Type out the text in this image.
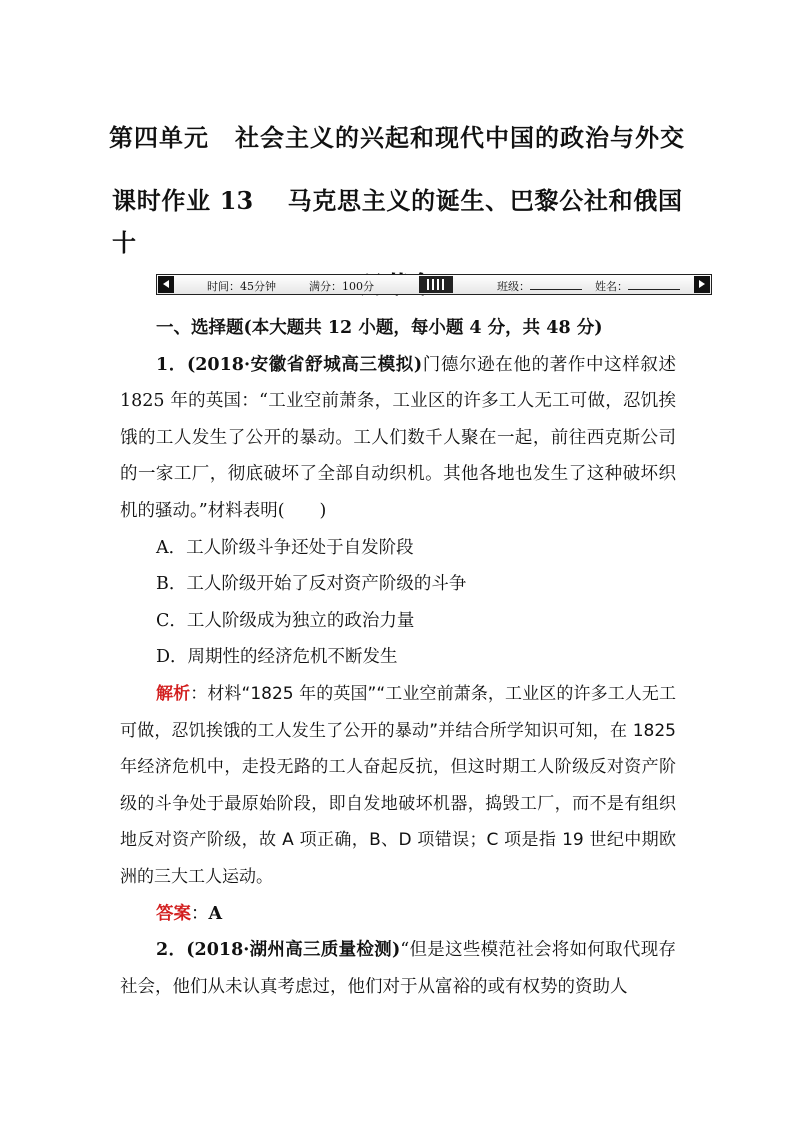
第四单元 社会主义的兴起和现代中国的政治与外交
课时作业 13　 马克思主义的诞生、巴黎公社和俄国十
时间：45分钟	满分：100分	班级：	姓名：

一、选择题(本大题共 12 小题，每小题 4 分，共 48 分)

1．(2018·安徽省舒城高三模拟)门德尔逊在他的著作中这样叙述 1825 年的英国：“工业空前萧条，工业区的许多工人无工可做，忍饥挨饿的工人发生了公开的暴动。工人们数千人聚在一起，前往西克斯公司的一家工厂，彻底破坏了全部自动织机。其他各地也发生了这种破坏织机的骚动。”材料表明(　　)

A．工人阶级斗争还处于自发阶段

B．工人阶级开始了反对资产阶级的斗争

C．工人阶级成为独立的政治力量

D．周期性的经济危机不断发生

解析：材料“1825 年的英国”“工业空前萧条，工业区的许多工人无工可做，忍饥挨饿的工人发生了公开的暴动”并结合所学知识可知，在 1825 年经济危机中，走投无路的工人奋起反抗，但这时期工人阶级反对资产阶级的斗争处于最原始阶段，即自发地破坏机器，捣毁工厂，而不是有组织地反对资产阶级，故 A 项正确，B、D 项错误；C 项是指 19 世纪中期欧洲的三大工人运动。

答案：A

2．(2018·湖州高三质量检测)“但是这些模范社会将如何取代现存社会，他们从未认真考虑过，他们对于从富裕的或有权势的资助人
